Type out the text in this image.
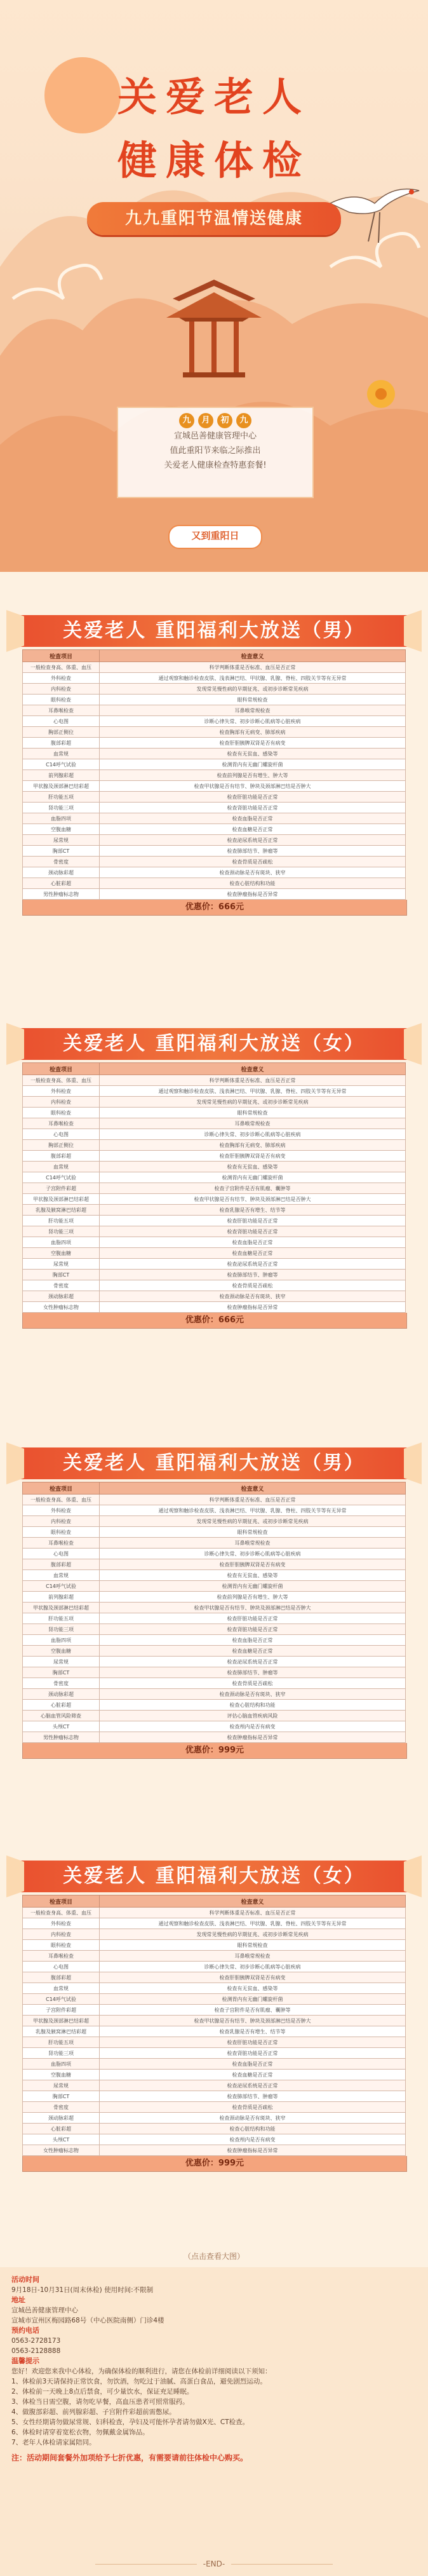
关爱老人
健康体检
九九重阳节温情送健康
九 月 初 九

宣城邑善健康管理中心

值此重阳节来临之际推出

关爱老人健康检查特惠套餐!

又到重阳日
关爱老人 重阳福利大放送（男）
检查项目	检查意义
一般检查身高、体重、血压	科学判断体重是否标准、血压是否正常
外科检查	通过观察和触诊检查皮肤、浅表淋巴结、甲状腺、乳腺、脊柱、四肢关节等有无异常
内科检查	发现常见慢性病的早期征兆、或初步诊断常见疾病
眼科检查	眼科常规检查
耳鼻喉检查	耳鼻喉常规检查
心电图	诊断心律失常、初步诊断心肌病等心脏疾病
胸部正侧位	检查胸部有无病变、肺部疾病
腹部彩超	检查肝胆胰脾双肾是否有病变
血常规	检查有无贫血、感染等
C14呼气试验	检测胃内有无幽门螺旋杆菌
前列腺彩超	检查前列腺是否有增生、肿大等
甲状腺及颈部淋巴结彩超	检查甲状腺是否有结节、肿块及颈部淋巴结是否肿大
肝功能五项	检查肝脏功能是否正常
肾功能三项	检查肾脏功能是否正常
血脂四项	检查血脂是否正常
空腹血糖	检查血糖是否正常
尿常规	检查泌尿系统是否正常
胸部CT	检查肺部结节、肿瘤等
骨密度	检查骨质是否疏松
颈动脉彩超	检查颈动脉是否有斑块、狭窄
心脏彩超	检查心脏结构和功能
男性肿瘤标志物	检查肿瘤指标是否异常
优惠价：666元
关爱老人 重阳福利大放送（女）
检查项目	检查意义
一般检查身高、体重、血压	科学判断体重是否标准、血压是否正常
外科检查	通过观察和触诊检查皮肤、浅表淋巴结、甲状腺、乳腺、脊柱、四肢关节等有无异常
内科检查	发现常见慢性病的早期征兆、或初步诊断常见疾病
眼科检查	眼科常规检查
耳鼻喉检查	耳鼻喉常规检查
心电图	诊断心律失常、初步诊断心肌病等心脏疾病
胸部正侧位	检查胸部有无病变、肺部疾病
腹部彩超	检查肝胆胰脾双肾是否有病变
血常规	检查有无贫血、感染等
C14呼气试验	检测胃内有无幽门螺旋杆菌
子宫附件彩超	检查子宫附件是否有肌瘤、囊肿等
甲状腺及颈部淋巴结彩超	检查甲状腺是否有结节、肿块及颈部淋巴结是否肿大
乳腺及腋窝淋巴结彩超	检查乳腺是否有增生、结节等
肝功能五项	检查肝脏功能是否正常
肾功能三项	检查肾脏功能是否正常
血脂四项	检查血脂是否正常
空腹血糖	检查血糖是否正常
尿常规	检查泌尿系统是否正常
胸部CT	检查肺部结节、肿瘤等
骨密度	检查骨质是否疏松
颈动脉彩超	检查颈动脉是否有斑块、狭窄
女性肿瘤标志物	检查肿瘤指标是否异常
优惠价：666元
关爱老人 重阳福利大放送（男）
检查项目	检查意义
一般检查身高、体重、血压	科学判断体重是否标准、血压是否正常
外科检查	通过观察和触诊检查皮肤、浅表淋巴结、甲状腺、乳腺、脊柱、四肢关节等有无异常
内科检查	发现常见慢性病的早期征兆、或初步诊断常见疾病
眼科检查	眼科常规检查
耳鼻喉检查	耳鼻喉常规检查
心电图	诊断心律失常、初步诊断心肌病等心脏疾病
腹部彩超	检查肝胆胰脾双肾是否有病变
血常规	检查有无贫血、感染等
C14呼气试验	检测胃内有无幽门螺旋杆菌
前列腺彩超	检查前列腺是否有增生、肿大等
甲状腺及颈部淋巴结彩超	检查甲状腺是否有结节、肿块及颈部淋巴结是否肿大
肝功能五项	检查肝脏功能是否正常
肾功能三项	检查肾脏功能是否正常
血脂四项	检查血脂是否正常
空腹血糖	检查血糖是否正常
尿常规	检查泌尿系统是否正常
胸部CT	检查肺部结节、肿瘤等
骨密度	检查骨质是否疏松
颈动脉彩超	检查颈动脉是否有斑块、狭窄
心脏彩超	检查心脏结构和功能
心脑血管风险筛查	评估心脑血管疾病风险
头颅CT	检查颅内是否有病变
男性肿瘤标志物	检查肿瘤指标是否异常
优惠价：999元
关爱老人 重阳福利大放送（女）
检查项目	检查意义
一般检查身高、体重、血压	科学判断体重是否标准、血压是否正常
外科检查	通过观察和触诊检查皮肤、浅表淋巴结、甲状腺、乳腺、脊柱、四肢关节等有无异常
内科检查	发现常见慢性病的早期征兆、或初步诊断常见疾病
眼科检查	眼科常规检查
耳鼻喉检查	耳鼻喉常规检查
心电图	诊断心律失常、初步诊断心肌病等心脏疾病
腹部彩超	检查肝胆胰脾双肾是否有病变
血常规	检查有无贫血、感染等
C14呼气试验	检测胃内有无幽门螺旋杆菌
子宫附件彩超	检查子宫附件是否有肌瘤、囊肿等
甲状腺及颈部淋巴结彩超	检查甲状腺是否有结节、肿块及颈部淋巴结是否肿大
乳腺及腋窝淋巴结彩超	检查乳腺是否有增生、结节等
肝功能五项	检查肝脏功能是否正常
肾功能三项	检查肾脏功能是否正常
血脂四项	检查血脂是否正常
空腹血糖	检查血糖是否正常
尿常规	检查泌尿系统是否正常
胸部CT	检查肺部结节、肿瘤等
骨密度	检查骨质是否疏松
颈动脉彩超	检查颈动脉是否有斑块、狭窄
心脏彩超	检查心脏结构和功能
头颅CT	检查颅内是否有病变
女性肿瘤标志物	检查肿瘤指标是否异常
优惠价：999元
（点击查看大图）
活动时间

9月18日-10月31日(周末休检) 使用时间:不限制

地址

宣城邑善健康管理中心

宣城市宣州区梅园路68号（中心医院南侧）门诊4楼

预约电话

0563-2728173

0563-2128888

温馨提示

您好！欢迎您来我中心体检，为确保体检的顺利进行，请您在体检前详细阅读以下须知：

1、体检前3天请保持正常饮食，勿饮酒，勿吃过于油腻、高蛋白食品，避免剧烈运动。

2、体检前一天晚上8点后禁食，可少量饮水，保证充足睡眠。

3、体检当日需空腹，请勿吃早餐，高血压患者可照常服药。

4、做腹部彩超、前列腺彩超、子宫附件彩超前需憋尿。

5、女性经期请勿做尿常规、妇科检查，孕妇及可能怀孕者请勿做X光、CT检查。

6、体检时请穿着宽松衣物，勿佩戴金属饰品。

7、老年人体检请家属陪同。

注：活动期间套餐外加项给予七折优惠，有需要请前往体检中心购买。
-END-
